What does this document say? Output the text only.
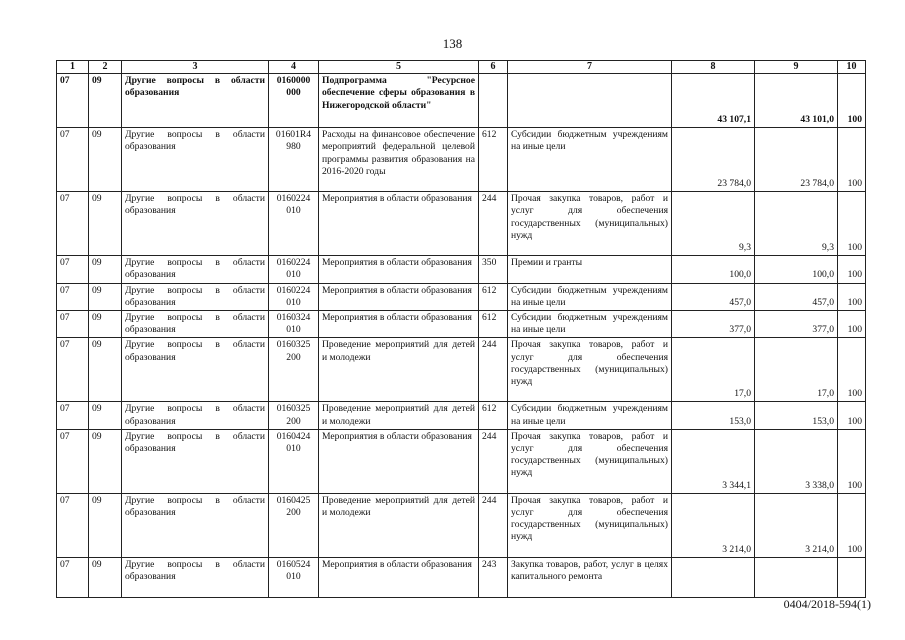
138
1	2	3	4	5	6	7	8	9	10
07	09	Другие вопросы в области образования	0160000 000	Подпрограмма "Ресурсное обеспечение сферы образования в Нижегородской области"			43 107,1	43 101,0	100
07	09	Другие вопросы в области образования	01601R4 980	Расходы на финансовое обеспечение мероприятий федеральной целевой программы развития образования на 2016-2020 годы	612	Субсидии бюджетным учреждениям на иные цели	23 784,0	23 784,0	100
07	09	Другие вопросы в области образования	0160224 010	Мероприятия в области образования	244	Прочая закупка товаров, работ и услуг для обеспечения государственных (муниципальных) нужд	9,3	9,3	100
07	09	Другие вопросы в области образования	0160224 010	Мероприятия в области образования	350	Премии и гранты	100,0	100,0	100
07	09	Другие вопросы в области образования	0160224 010	Мероприятия в области образования	612	Субсидии бюджетным учреждениям на иные цели	457,0	457,0	100
07	09	Другие вопросы в области образования	0160324 010	Мероприятия в области образования	612	Субсидии бюджетным учреждениям на иные цели	377,0	377,0	100
07	09	Другие вопросы в области образования	0160325 200	Проведение мероприятий для детей и молодежи	244	Прочая закупка товаров, работ и услуг для обеспечения государственных (муниципальных) нужд	17,0	17,0	100
07	09	Другие вопросы в области образования	0160325 200	Проведение мероприятий для детей и молодежи	612	Субсидии бюджетным учреждениям на иные цели	153,0	153,0	100
07	09	Другие вопросы в области образования	0160424 010	Мероприятия в области образования	244	Прочая закупка товаров, работ и услуг для обеспечения государственных (муниципальных) нужд	3 344,1	3 338,0	100
07	09	Другие вопросы в области образования	0160425 200	Проведение мероприятий для детей и молодежи	244	Прочая закупка товаров, работ и услуг для обеспечения государственных (муниципальных) нужд	3 214,0	3 214,0	100
07	09	Другие вопросы в области образования	0160524 010	Мероприятия в области образования	243	Закупка товаров, работ, услуг в целях капитального ремонта			
0404/2018-594(1)
